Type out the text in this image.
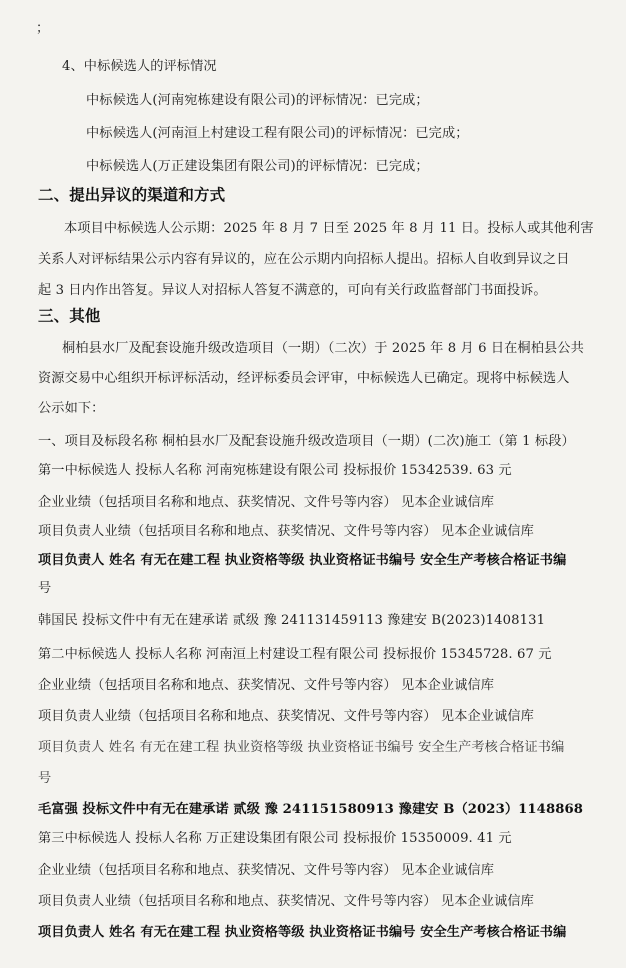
；
4、中标候选人的评标情况
中标候选人(河南宛栋建设有限公司)的评标情况：已完成；
中标候选人(河南洹上村建设工程有限公司)的评标情况：已完成；
中标候选人(万正建设集团有限公司)的评标情况：已完成；
二、提出异议的渠道和方式
本项目中标候选人公示期：2025 年 8 月 7 日至 2025 年 8 月 11 日。投标人或其他利害
关系人对评标结果公示内容有异议的，应在公示期内向招标人提出。招标人自收到异议之日
起 3 日内作出答复。异议人对招标人答复不满意的，可向有关行政监督部门书面投诉。
三、其他
桐柏县水厂及配套设施升级改造项目（一期）（二次）于 2025 年 8 月 6 日在桐柏县公共
资源交易中心组织开标评标活动，经评标委员会评审，中标候选人已确定。现将中标候选人
公示如下：
一、项目及标段名称 桐柏县水厂及配套设施升级改造项目（一期）(二次)施工（第 1 标段）
第一中标候选人 投标人名称 河南宛栋建设有限公司 投标报价 15342539. 63 元
企业业绩（包括项目名称和地点、获奖情况、文件号等内容） 见本企业诚信库
项目负责人业绩（包括项目名称和地点、获奖情况、文件号等内容） 见本企业诚信库
项目负责人 姓名 有无在建工程 执业资格等级 执业资格证书编号 安全生产考核合格证书编
号
韩国民 投标文件中有无在建承诺 贰级 豫 241131459113 豫建安 B(2023)1408131
第二中标候选人 投标人名称 河南洹上村建设工程有限公司 投标报价 15345728. 67 元
企业业绩（包括项目名称和地点、获奖情况、文件号等内容） 见本企业诚信库
项目负责人业绩（包括项目名称和地点、获奖情况、文件号等内容） 见本企业诚信库
项目负责人 姓名 有无在建工程 执业资格等级 执业资格证书编号 安全生产考核合格证书编
号
毛富强 投标文件中有无在建承诺 贰级 豫 241151580913 豫建安 B（2023）1148868
第三中标候选人 投标人名称 万正建设集团有限公司 投标报价 15350009. 41 元
企业业绩（包括项目名称和地点、获奖情况、文件号等内容） 见本企业诚信库
项目负责人业绩（包括项目名称和地点、获奖情况、文件号等内容） 见本企业诚信库
项目负责人 姓名 有无在建工程 执业资格等级 执业资格证书编号 安全生产考核合格证书编
